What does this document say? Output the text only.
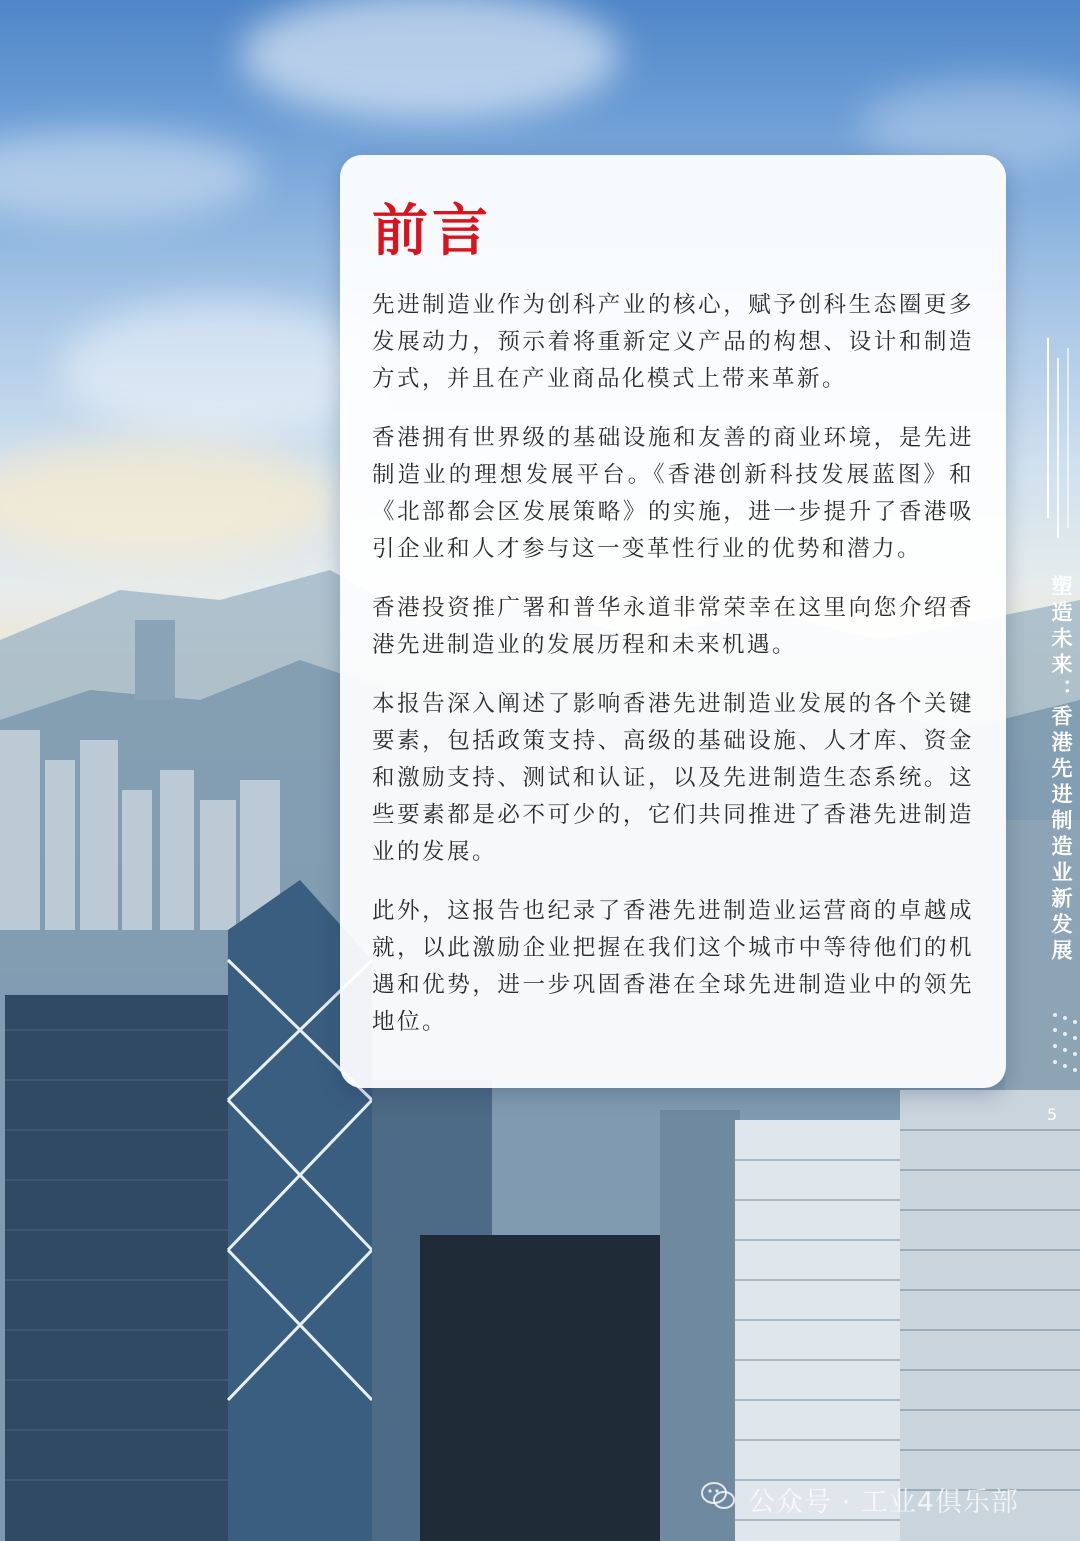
塑造未来：香港先进制造业新发展
5
前言

先进制造业作为创科产业的核心，赋予创科生态圈更多发展动力，预示着将重新定义产品的构想、设计和制造方式，并且在产业商品化模式上带来革新。

香港拥有世界级的基础设施和友善的商业环境，是先进制造业的理想发展平台。《香港创新科技发展蓝图》和《北部都会区发展策略》的实施，进一步提升了香港吸引企业和人才参与这一变革性行业的优势和潜力。

香港投资推广署和普华永道非常荣幸在这里向您介绍香港先进制造业的发展历程和未来机遇。

本报告深入阐述了影响香港先进制造业发展的各个关键要素，包括政策支持、高级的基础设施、人才库、资金和激励支持、测试和认证，以及先进制造生态系统。这些要素都是必不可少的，它们共同推进了香港先进制造业的发展。

此外，这报告也纪录了香港先进制造业运营商的卓越成就，以此激励企业把握在我们这个城市中等待他们的机遇和优势，进一步巩固香港在全球先进制造业中的领先地位。

公众号 · 工业4俱乐部
